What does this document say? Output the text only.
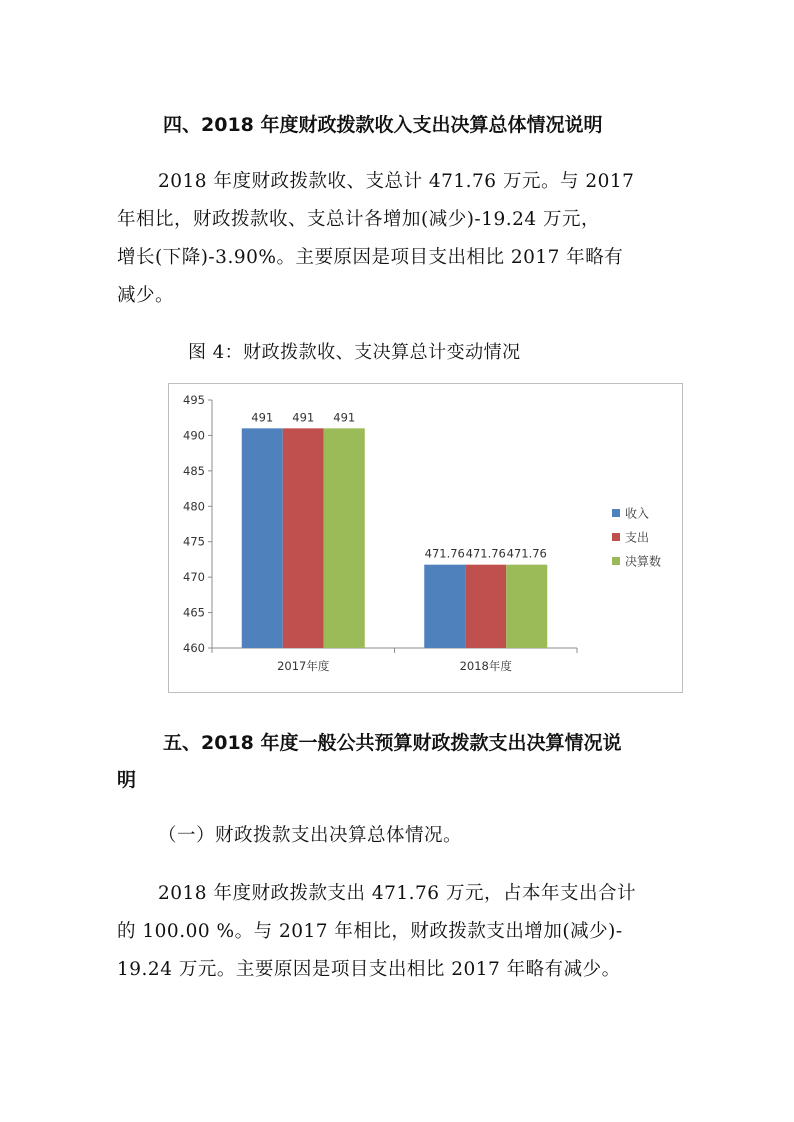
四、2018 年度财政拨款收入支出决算总体情况说明
2018 年度财政拨款收、支总计 471.76 万元。与 2017
年相比，财政拨款收、支总计各增加(减少)-19.24 万元，
增长(下降)-3.90%。主要原因是项目支出相比 2017 年略有
减少。
图 4：财政拨款收、支决算总计变动情况
460
465
470
475
480
485
490
495
491 491 491
2017年度
471.76 471.76 471.76
2018年度
收入
支出
决算数
五、2018 年度一般公共预算财政拨款支出决算情况说
明
（一）财政拨款支出决算总体情况。
2018 年度财政拨款支出 471.76 万元，占本年支出合计
的 100.00 %。与 2017 年相比，财政拨款支出增加(减少)-
19.24 万元。主要原因是项目支出相比 2017 年略有减少。
